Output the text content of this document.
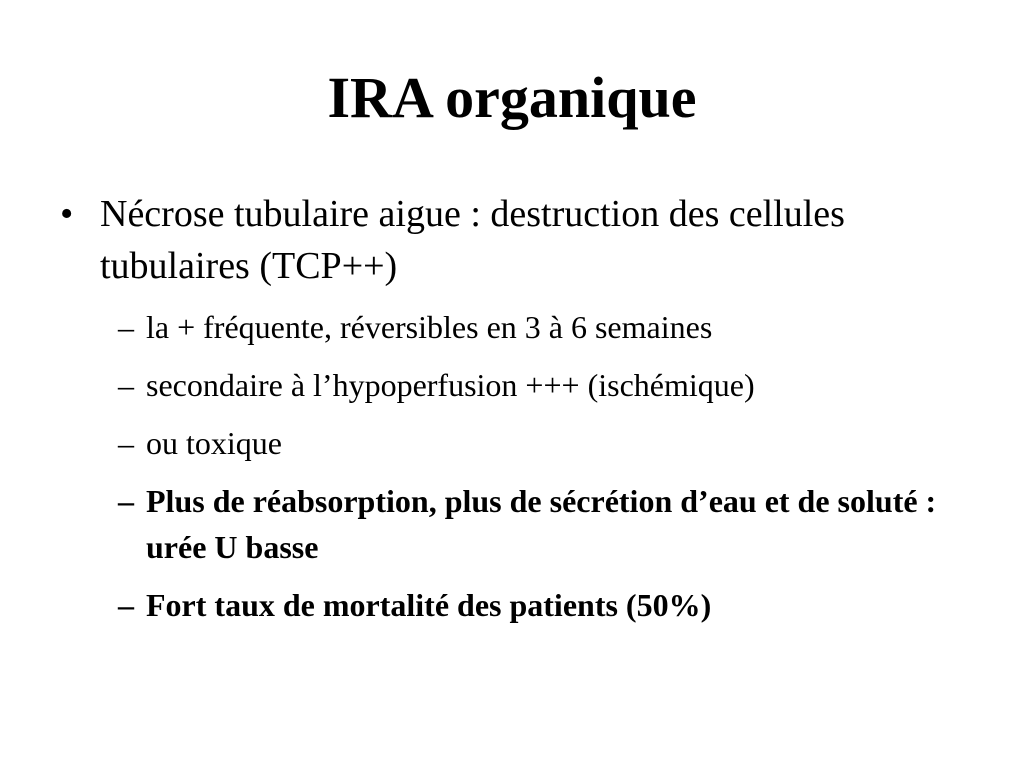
IRA organique
• Nécrose tubulaire aigue : destruction des cellules tubulaires (TCP++)
– la + fréquente, réversibles en 3 à 6 semaines
– secondaire à l’hypoperfusion +++ (ischémique)
– ou toxique
– Plus de réabsorption, plus de sécrétion d’eau et de soluté : urée U basse
– Fort taux de mortalité des patients (50%)
